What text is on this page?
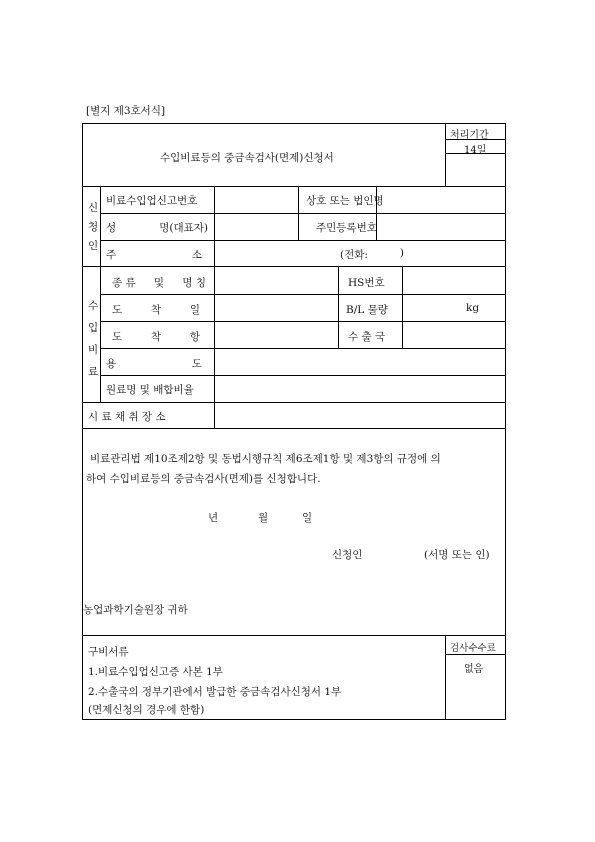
[별지 제3호서식]
수입비료등의 중금속검사(면제)신청서
처리기간
14일
신
청
인
비료수입업신고번호	상호 또는 법인명
성	명(대표자)	주민등록번호
주	소	(전화:	)
수
입
비
료
종 류 및 명 칭	HS번호
도	착	일	B/L 물량	kg
도	착	항	수 출 국
용	도
원료명 및 배합비율
시 료 채 취 장 소
비료관리법 제10조제2항 및 동법시행규칙 제6조제1항 및 제3항의 규정에 의
하여 수입비료등의 중금속검사(면제)를 신청합니다.
년	월	일
신청인	(서명 또는 인)
농업과학기술원장 귀하
구비서류
1.비료수입업신고증 사본 1부
2.수출국의 정부기관에서 발급한 중금속검사신청서 1부
(면제신청의 경우에 한함)
검사수수료
없음
